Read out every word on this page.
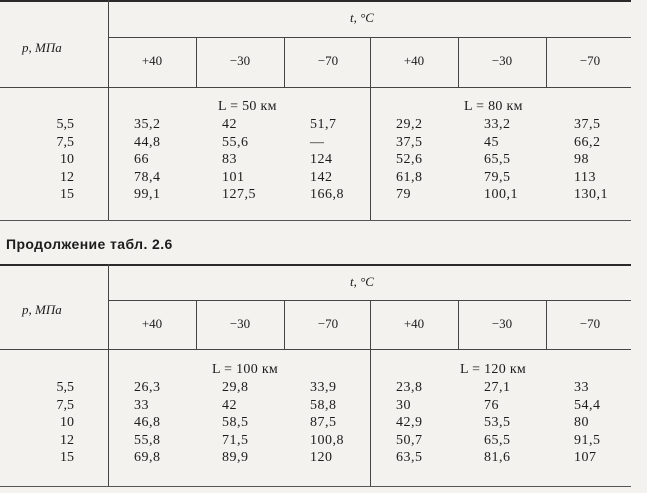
p, МПа
t, °C
+40	−30	−70	+40	−30	−70
L = 50 км	L = 80 км
5,5	35,2	42	51,7	29,2	33,2	37,5
7,5	44,8	55,6	—	37,5	45	66,2
10	66	83	124	52,6	65,5	98
12	78,4	101	142	61,8	79,5	113
15	99,1	127,5	166,8	79	100,1	130,1
Продолжение табл. 2.6
p, МПа
t, °C
+40	−30	−70	+40	−30	−70
L = 100 км	L = 120 км
5,5	26,3	29,8	33,9	23,8	27,1	33
7,5	33	42	58,8	30	76	54,4
10	46,8	58,5	87,5	42,9	53,5	80
12	55,8	71,5	100,8	50,7	65,5	91,5
15	69,8	89,9	120	63,5	81,6	107
